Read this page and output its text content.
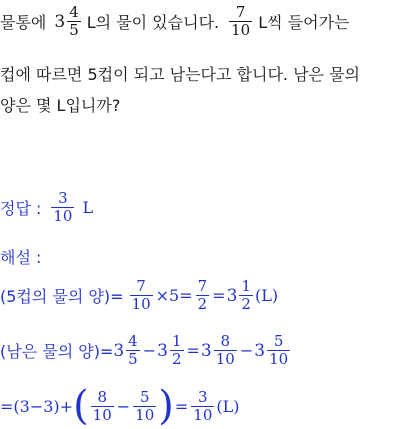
물통에 $3 \frac{4}{5}$ L의 물이 있습니다. $\frac{7}{10}$ L씩 들어가는
컵에 따르면 5컵이 되고 남는다고 합니다. 남은 물의
양은 몇 L입니까?
정답 : $\frac{3}{10}$ L
해설 :
(5컵의 물의 양)= $\frac{7}{10} \times 5= \frac{7}{2} = 3 \frac{1}{2} (L)$
(남은 물의 양)= $3 \frac{4}{5} - 3 \frac{1}{2} = 3 \frac{8}{10} - 3 \frac{5}{10}$
=(3−3)+ ( $\frac{8}{10} - \frac{5}{10}$ ) = $\frac{3}{10} (L)$
